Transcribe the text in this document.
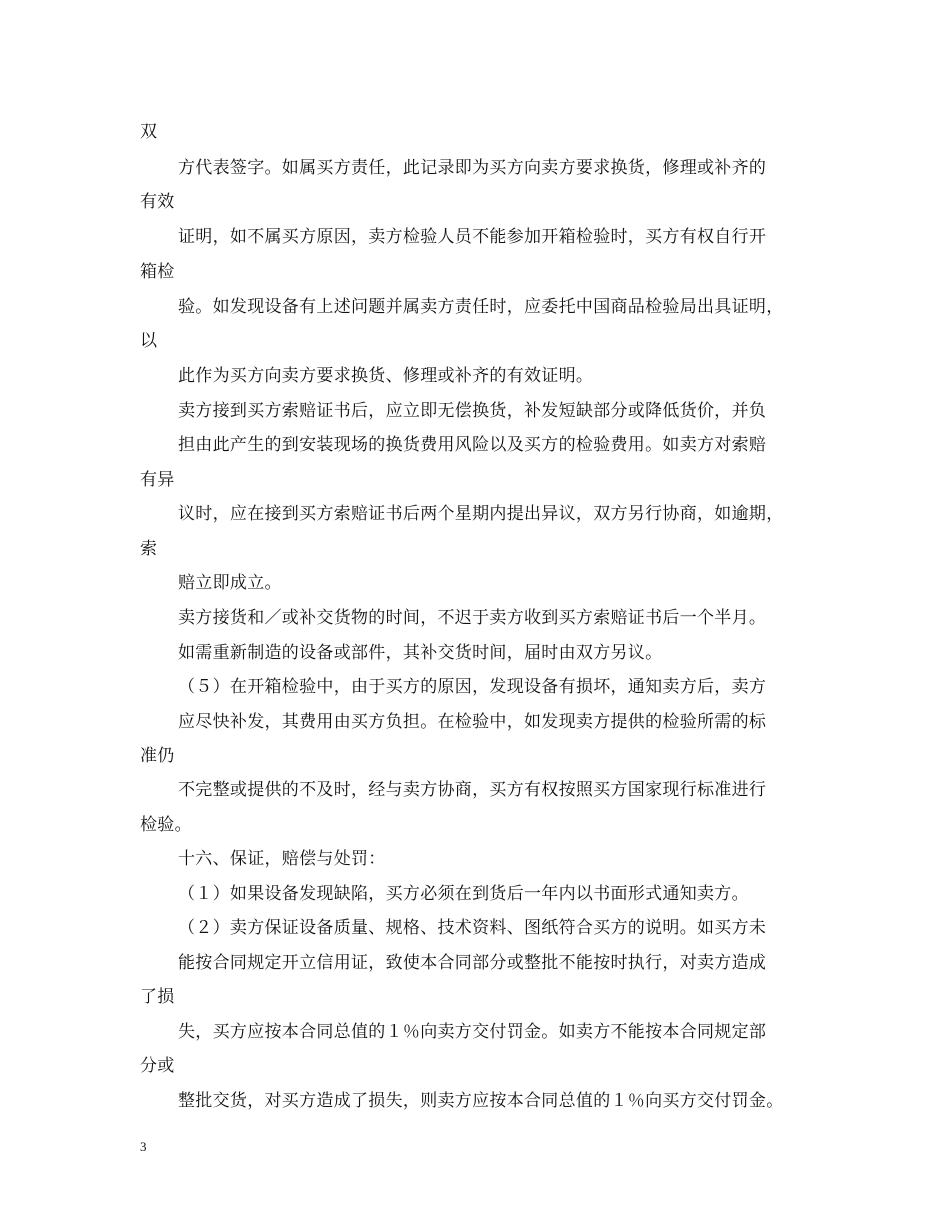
双
方代表签字。如属买方责任，此记录即为买方向卖方要求换货，修理或补齐的
有效
证明，如不属买方原因，卖方检验人员不能参加开箱检验时，买方有权自行开
箱检
验。如发现设备有上述问题并属卖方责任时，应委托中国商品检验局出具证明，
以
此作为买方向卖方要求换货、修理或补齐的有效证明。
卖方接到买方索赔证书后，应立即无偿换货，补发短缺部分或降低货价，并负
担由此产生的到安装现场的换货费用风险以及买方的检验费用。如卖方对索赔
有异
议时，应在接到买方索赔证书后两个星期内提出异议，双方另行协商，如逾期，
索
赔立即成立。
卖方接货和／或补交货物的时间，不迟于卖方收到买方索赔证书后一个半月。
如需重新制造的设备或部件，其补交货时间，届时由双方另议。
（５）在开箱检验中，由于买方的原因，发现设备有损坏，通知卖方后，卖方
应尽快补发，其费用由买方负担。在检验中，如发现卖方提供的检验所需的标
准仍
不完整或提供的不及时，经与卖方协商，买方有权按照买方国家现行标准进行
检验。
十六、保证，赔偿与处罚：
（１）如果设备发现缺陷，买方必须在到货后一年内以书面形式通知卖方。
（２）卖方保证设备质量、规格、技术资料、图纸符合买方的说明。如买方未
能按合同规定开立信用证，致使本合同部分或整批不能按时执行，对卖方造成
了损
失，买方应按本合同总值的１％向卖方交付罚金。如卖方不能按本合同规定部
分或
整批交货，对买方造成了损失，则卖方应按本合同总值的１％向买方交付罚金。
3
